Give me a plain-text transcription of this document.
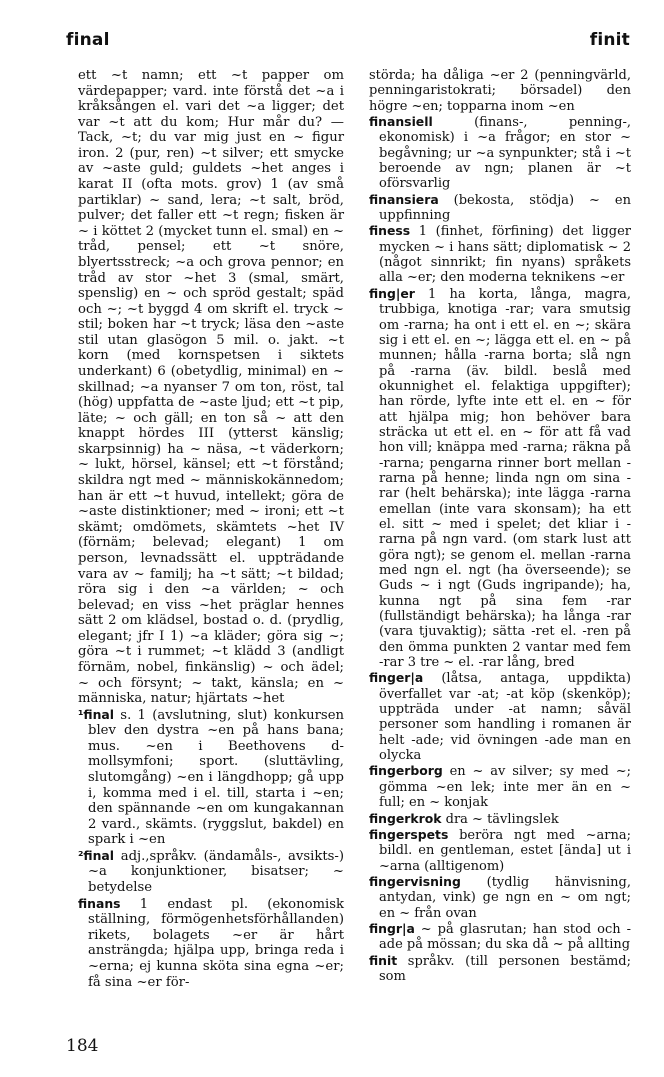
final	finit

ett ~t namn; ett ~t papper om värdepapper; vard. inte förstå det ~a i kråksången el. vari det ~a ligger; det var ~t att du kom; Hur mår du? — Tack, ~t; du var mig just en ~ figur iron. 2 (pur, ren) ~t silver; ett smycke av ~aste guld; guldets ~het anges i karat II (ofta mots. grov) 1 (av små partiklar) ~ sand, lera; ~t salt, bröd, pulver; det faller ett ~t regn; fisken är ~ i köttet 2 (mycket tunn el. smal) en ~ tråd, pensel; ett ~t snöre, blyertsstreck; ~a och grova pennor; en tråd av stor ~het 3 (smal, smärt, spenslig) en ~ och spröd gestalt; späd och ~; ~t byggd 4 om skrift el. tryck ~ stil; boken har ~t tryck; läsa den ~aste stil utan glasögon 5 mil. o. jakt. ~t korn (med kornspetsen i siktets underkant) 6 (obetydlig, minimal) en ~ skillnad; ~a nyanser 7 om ton, röst, tal (hög) uppfatta de ~aste ljud; ett ~t pip, läte; ~ och gäll; en ton så ~ att den knappt hördes III (ytterst känslig; skarpsinnig) ha ~ näsa, ~t väderkorn; ~ lukt, hörsel, känsel; ett ~t förstånd; skildra ngt med ~ människokännedom; han är ett ~t huvud, intellekt; göra de ~aste distinktioner; med ~ ironi; ett ~t skämt; omdömets, skämtets ~het IV (förnäm; belevad; elegant) 1 om person, levnadssätt el. uppträdande vara av ~ familj; ha ~t sätt; ~t bildad; röra sig i den ~a världen; ~ och belevad; en viss ~het präglar hennes sätt 2 om klädsel, bostad o. d. (prydlig, elegant; jfr I 1) ~a kläder; göra sig ~; göra ~t i rummet; ~t klädd 3 (andligt förnäm, nobel, finkänslig) ~ och ädel; ~ och försynt; ~ takt, känsla; en ~ människa, natur; hjärtats ~het

¹final s. 1 (avslutning, slut) konkursen blev den dystra ~en på hans bana; mus. ~en i Beethovens d-mollsymfoni; sport. (sluttävling, slutomgång) ~en i längdhopp; gå upp i, komma med i el. till, starta i ~en; den spännande ~en om kungakannan 2 vard., skämts. (ryggslut, bakdel) en spark i ~en

²final adj.,språkv. (ändamåls-, avsikts-) ~a konjunktioner, bisatser; ~ betydelse

finans 1 endast pl. (ekonomisk ställning, förmögenhetsförhållanden) rikets, bolagets ~er är hårt ansträngda; hjälpa upp, bringa reda i ~erna; ej kunna sköta sina egna ~er; få sina ~er för-

störda; ha dåliga ~er 2 (penningvärld, penningaristokrati; börsadel) den högre ~en; topparna inom ~en

finansiell (finans-, penning-, ekonomisk) i ~a frågor; en stor ~ begåvning; ur ~a synpunkter; stå i ~t beroende av ngn; planen är ~t oförsvarlig

finansiera (bekosta, stödja) ~ en uppfinning

finess 1 (finhet, förfining) det ligger mycken ~ i hans sätt; diplomatisk ~ 2 (något sinnrikt; fin nyans) språkets alla ~er; den moderna teknikens ~er

fing|er 1 ha korta, långa, magra, trubbiga, knotiga -rar; vara smutsig om -rarna; ha ont i ett el. en ~; skära sig i ett el. en ~; lägga ett el. en ~ på munnen; hålla -rarna borta; slå ngn på -rarna (äv. bildl. beslå med okunnighet el. felaktiga uppgifter); han rörde, lyfte inte ett el. en ~ för att hjälpa mig; hon behöver bara sträcka ut ett el. en ~ för att få vad hon vill; knäppa med -rarna; räkna på -rarna; pengarna rinner bort mellan -rarna på henne; linda ngn om sina -rar (helt behärska); inte lägga -rarna emellan (inte vara skonsam); ha ett el. sitt ~ med i spelet; det kliar i -rarna på ngn vard. (om stark lust att göra ngt); se genom el. mellan -rarna med ngn el. ngt (ha överseende); se Guds ~ i ngt (Guds ingripande); ha, kunna ngt på sina fem -rar (fullständigt behärska); ha långa -rar (vara tjuvaktig); sätta -ret el. -ren på den ömma punkten 2 vantar med fem -rar 3 tre ~ el. -rar lång, bred

finger|a (låtsa, antaga, uppdikta) överfallet var -at; -at köp (skenköp); uppträda under -at namn; såväl personer som handling i romanen är helt -ade; vid övningen -ade man en olycka

fingerborg en ~ av silver; sy med ~; gömma ~en lek; inte mer än en ~ full; en ~ konjak

fingerkrok dra ~ tävlingslek

fingerspets beröra ngt med ~arna; bildl. en gentleman, estet [ända] ut i ~arna (alltigenom)

fingervisning (tydlig hänvisning, antydan, vink) ge ngn en ~ om ngt; en ~ från ovan

fingr|a ~ på glasrutan; han stod och -ade på mössan; du ska då ~ på allting

finit språkv. (till personen bestämd; som

184
